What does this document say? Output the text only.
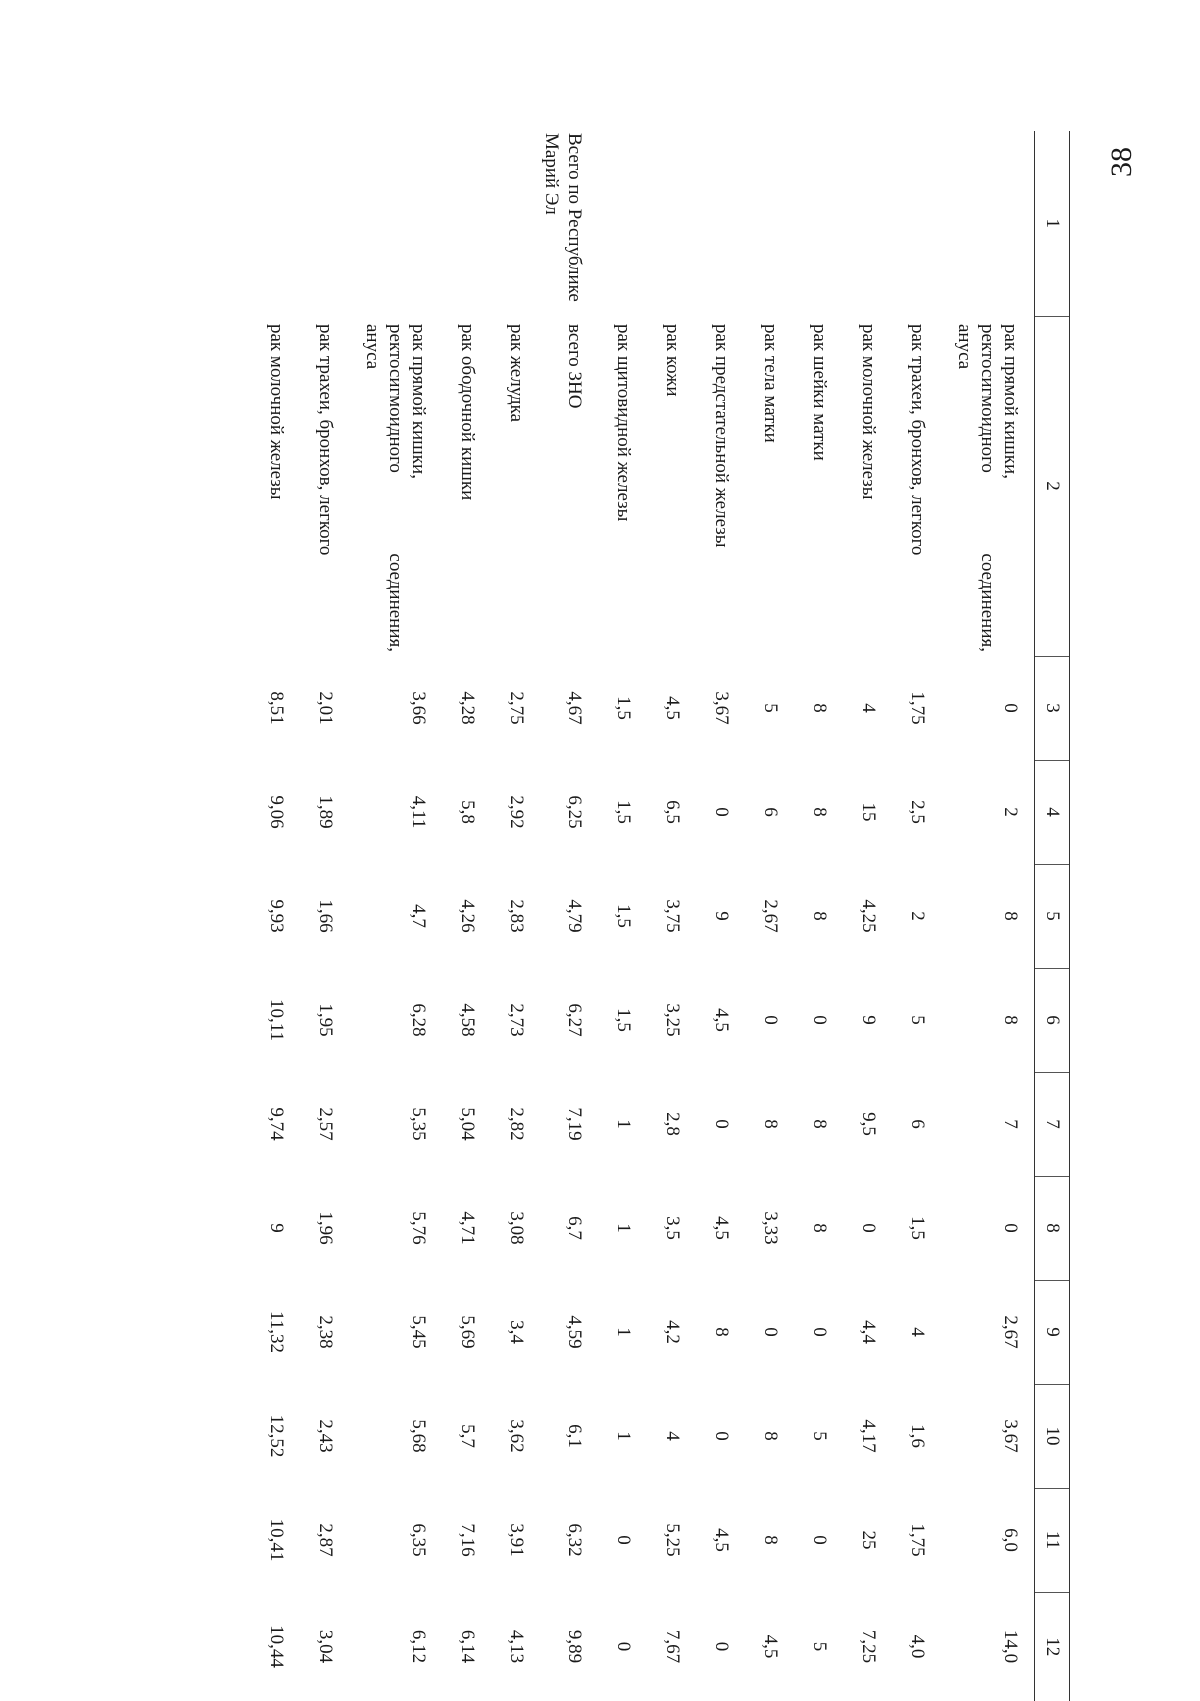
38
1	2	3	4	5	6	7	8	9	10	11	12

	рак прямой кишки,
ректосигмоидного
соединения,
ануса	0	2	8	8	7	0	2,67	3,67	6,0	14,0

	рак трахеи, бронхов, легкого	1,75	2,5	2	5	6	1,5	4	1,6	1,75	4,0

	рак молочной железы	4	15	4,25	9	9,5	0	4,4	4,17	25	7,25

	рак шейки матки	8	8	8	0	8	8	0	5	0	5

	рак тела матки	5	6	2,67	0	8	3,33	0	8	8	4,5

	рак предстательной железы	3,67	0	9	4,5	0	4,5	8	0	4,5	0

	рак кожи	4,5	6,5	3,75	3,25	2,8	3,5	4,2	4	5,25	7,67

	рак щитовидной железы	1,5	1,5	1,5	1,5	1	1	1	1	0	0
Всего по Республике Марий Эл	всего ЗНО	4,67	6,25	4,79	6,27	7,19	6,7	4,59	6,1	6,32	9,89

	рак желудка	2,75	2,92	2,83	2,73	2,82	3,08	3,4	3,62	3,91	4,13

	рак ободочной кишки	4,28	5,8	4,26	4,58	5,04	4,71	5,69	5,7	7,16	6,14

	рак прямой кишки,
ректосигмоидного
соединения,
ануса	3,66	4,11	4,7	6,28	5,35	5,76	5,45	5,68	6,35	6,12

	рак трахеи, бронхов, легкого	2,01	1,89	1,66	1,95	2,57	1,96	2,38	2,43	2,87	3,04

	рак молочной железы	8,51	9,06	9,93	10,11	9,74	9	11,32	12,52	10,41	10,44
